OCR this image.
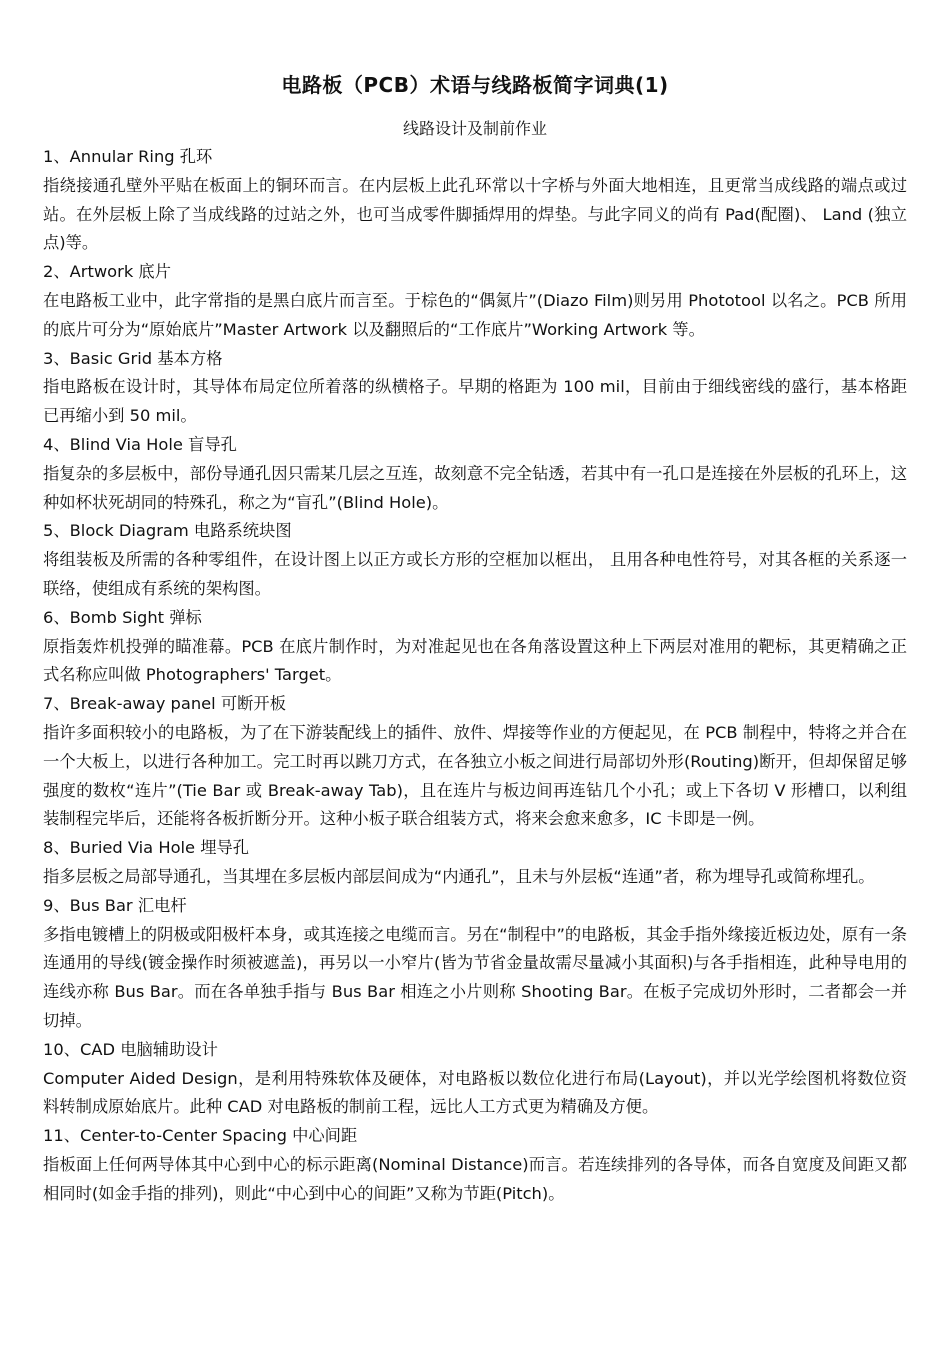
电路板（PCB）术语与线路板简字词典(1)
线路设计及制前作业

1、Annular Ring 孔环

指绕接通孔壁外平贴在板面上的铜环而言。在内层板上此孔环常以十字桥与外面大地相连，且更常当成线路的端点或过站。在外层板上除了当成线路的过站之外，也可当成零件脚插焊用的焊垫。与此字同义的尚有 Pad(配圈)、 Land (独立点)等。

2、Artwork 底片

在电路板工业中，此字常指的是黑白底片而言至。于棕色的“偶氮片”(Diazo Film)则另用 Phototool 以名之。PCB 所用的底片可分为“原始底片”Master Artwork 以及翻照后的“工作底片”Working Artwork 等。

3、Basic Grid 基本方格

指电路板在设计时，其导体布局定位所着落的纵横格子。早期的格距为 100 mil，目前由于细线密线的盛行，基本格距已再缩小到 50 mil。

4、Blind Via Hole 盲导孔

指复杂的多层板中，部份导通孔因只需某几层之互连，故刻意不完全钻透，若其中有一孔口是连接在外层板的孔环上，这种如杯状死胡同的特殊孔，称之为“盲孔”(Blind Hole)。

5、Block Diagram 电路系统块图

将组装板及所需的各种零组件，在设计图上以正方或长方形的空框加以框出， 且用各种电性符号，对其各框的关系逐一联络，使组成有系统的架构图。

6、Bomb Sight 弹标

原指轰炸机投弹的瞄准幕。PCB 在底片制作时，为对准起见也在各角落设置这种上下两层对准用的靶标，其更精确之正式名称应叫做 Photographers' Target。

7、Break-away panel 可断开板

指许多面积较小的电路板，为了在下游装配线上的插件、放件、焊接等作业的方便起见，在 PCB 制程中，特将之并合在一个大板上，以进行各种加工。完工时再以跳刀方式，在各独立小板之间进行局部切外形(Routing)断开，但却保留足够强度的数枚“连片”(Tie Bar 或 Break-away Tab)，且在连片与板边间再连钻几个小孔；或上下各切 V 形槽口，以利组装制程完毕后，还能将各板折断分开。这种小板子联合组装方式，将来会愈来愈多，IC 卡即是一例。

8、Buried Via Hole 埋导孔

指多层板之局部导通孔，当其埋在多层板内部层间成为“内通孔”，且未与外层板“连通”者，称为埋导孔或简称埋孔。

9、Bus Bar 汇电杆

多指电镀槽上的阴极或阳极杆本身，或其连接之电缆而言。另在“制程中”的电路板，其金手指外缘接近板边处，原有一条连通用的导线(镀金操作时须被遮盖)，再另以一小窄片(皆为节省金量故需尽量减小其面积)与各手指相连，此种导电用的连线亦称 Bus Bar。而在各单独手指与 Bus Bar 相连之小片则称 Shooting Bar。在板子完成切外形时，二者都会一并切掉。

10、CAD 电脑辅助设计

Computer Aided Design，是利用特殊软体及硬体，对电路板以数位化进行布局(Layout)，并以光学绘图机将数位资料转制成原始底片。此种 CAD 对电路板的制前工程，远比人工方式更为精确及方便。

11、Center-to-Center Spacing 中心间距

指板面上任何两导体其中心到中心的标示距离(Nominal Distance)而言。若连续排列的各导体，而各自宽度及间距又都相同时(如金手指的排列)，则此“中心到中心的间距”又称为节距(Pitch)。
